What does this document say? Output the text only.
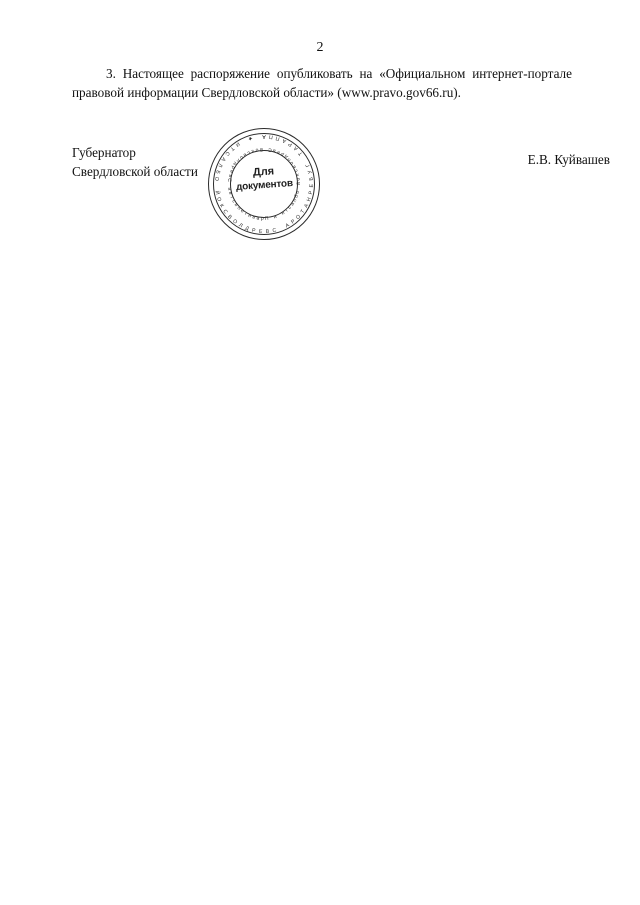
2
3. Настоящее распоряжение опубликовать на «Официальном интернет-портале правовой информации Свердловской области» (www.pravo.gov66.ru).
Губернатор
Свердловской области
Е.В. Куйвашев
А П П А Р
А
Т

Г
У
Б
Е
Р
Н
А
Т
О
Р
А

С
В
Е
Р
Д
Л
О
В
С
К
О
Й

О
Б
Л
А
С
Т
И

★

С в е
р
д
л
о
в
с
к
о
й

о
б
л
а
с
т
и

и

П
р
а
в
и
т
е
л
ь
с
т
в
а

С
в
е
р
д
л
о
в
с к о й

Для
документов
